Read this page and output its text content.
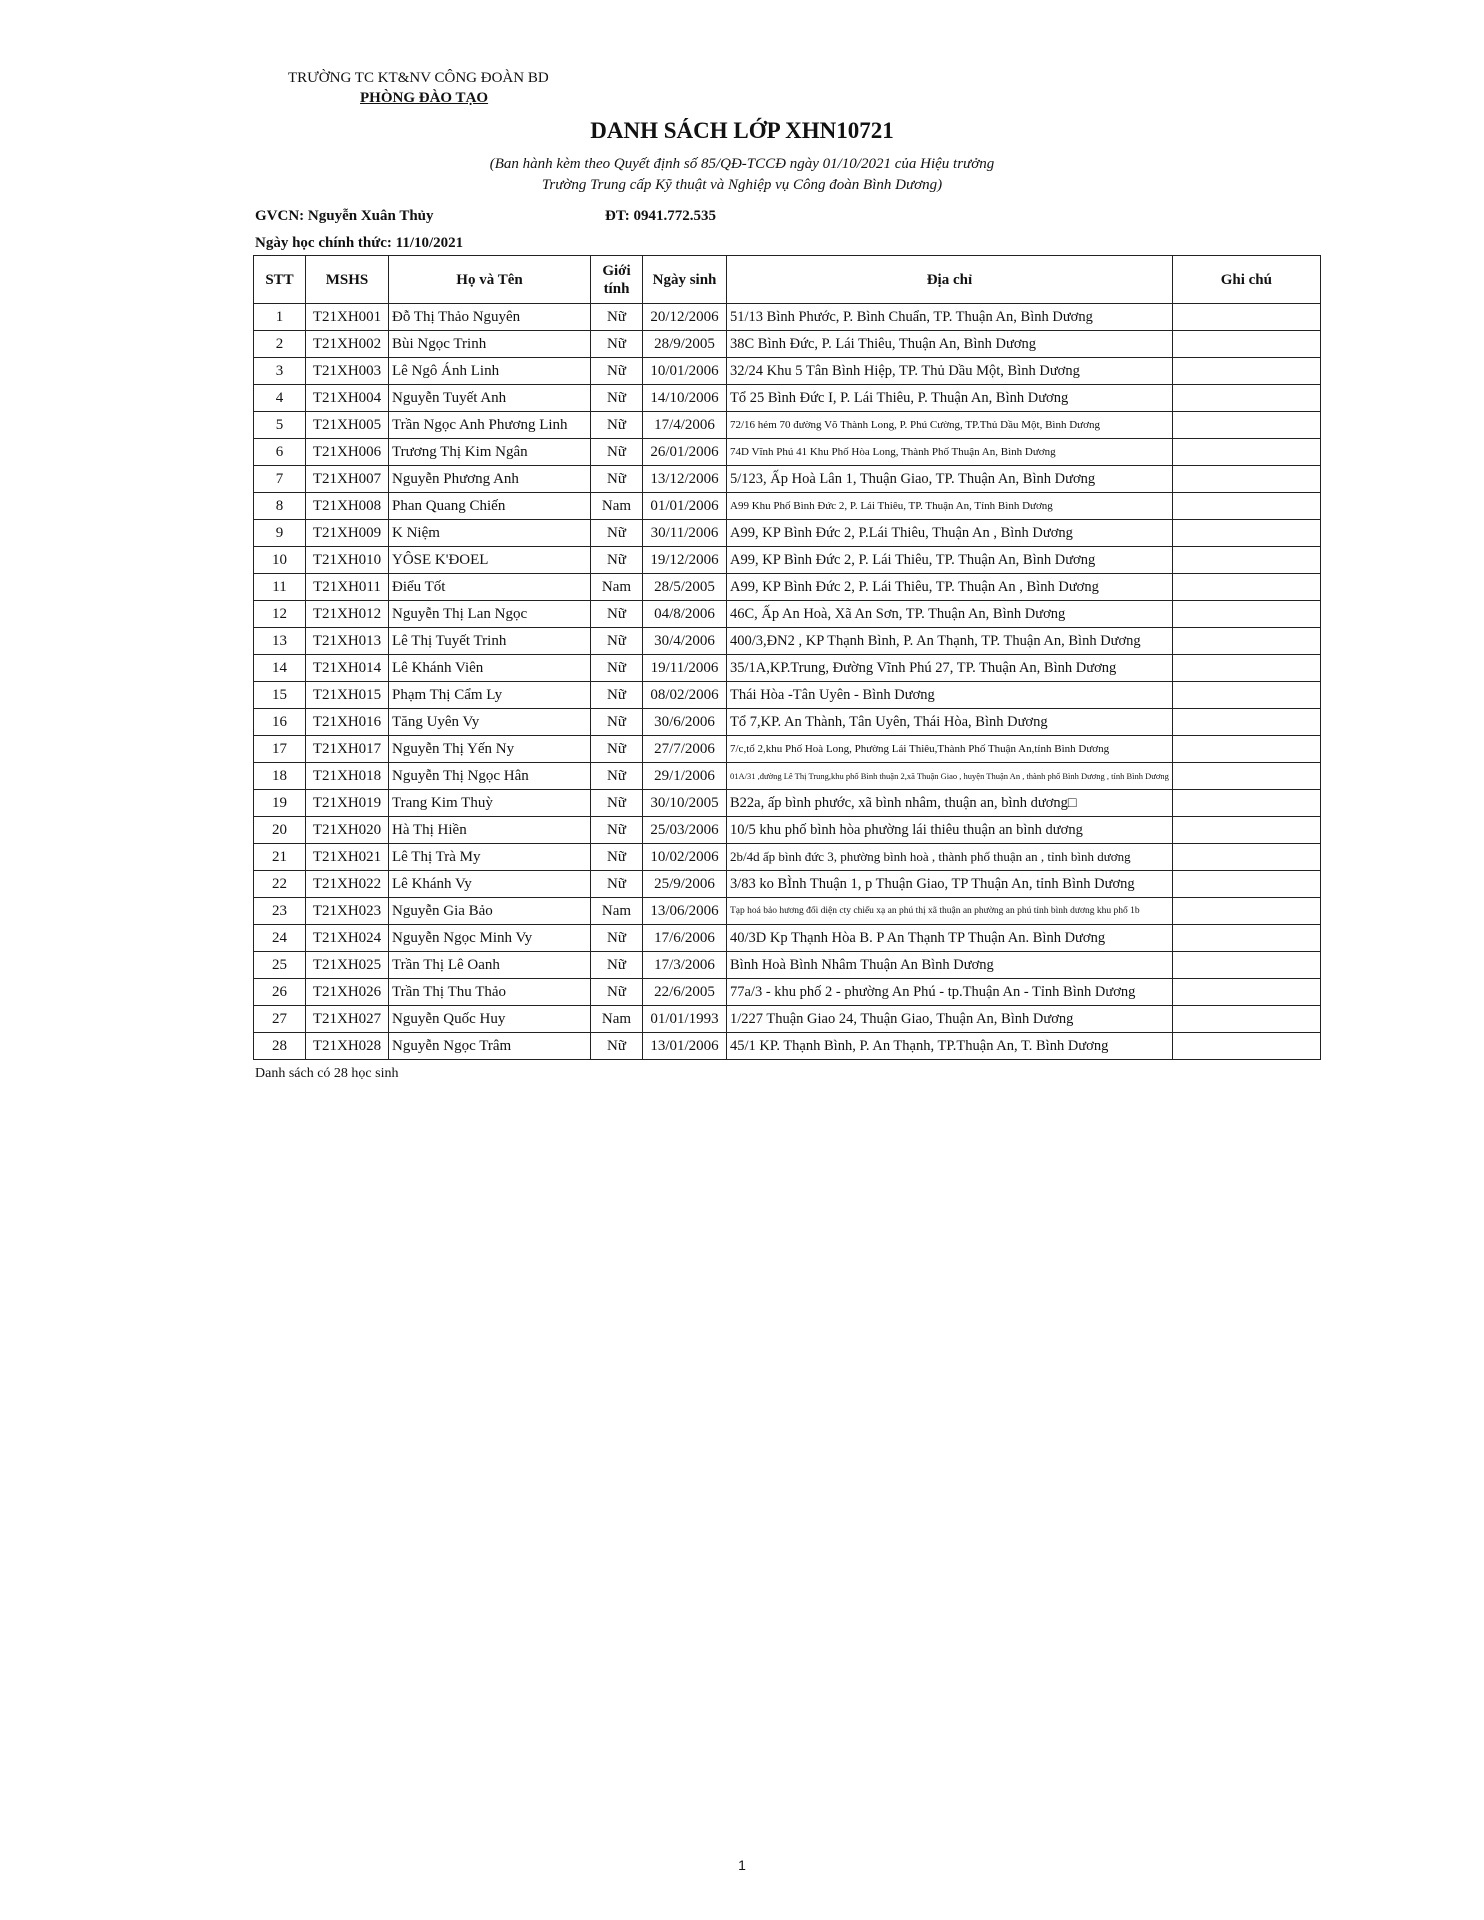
TRƯỜNG TC KT&NV CÔNG ĐOÀN BD
PHÒNG ĐÀO TẠO
DANH SÁCH LỚP XHN10721
(Ban hành kèm theo Quyết định số 85/QĐ-TCCĐ ngày 01/10/2021 của Hiệu trưởng
Trường Trung cấp Kỹ thuật và Nghiệp vụ Công đoàn Bình Dương)
GVCN: Nguyễn Xuân Thủy	ĐT: 0941.772.535
Ngày học chính thức: 11/10/2021
STT	MSHS	Họ và Tên	Giới tính	Ngày sinh	Địa chỉ	Ghi chú
1	T21XH001	Đỗ Thị Thảo Nguyên	Nữ	20/12/2006	51/13 Bình Phước, P. Bình Chuẩn, TP. Thuận An, Bình Dương	
2	T21XH002	Bùi Ngọc Trinh	Nữ	28/9/2005	38C Bình Đức, P. Lái Thiêu, Thuận An, Bình Dương	
3	T21XH003	Lê Ngô Ánh Linh	Nữ	10/01/2006	32/24 Khu 5 Tân Bình Hiệp, TP. Thủ Dầu Một, Bình Dương	
4	T21XH004	Nguyễn Tuyết Anh	Nữ	14/10/2006	Tổ 25 Bình Đức I, P. Lái Thiêu, P. Thuận An, Bình Dương	
5	T21XH005	Trần Ngọc Anh Phương Linh	Nữ	17/4/2006	72/16 hẻm 70 đường Võ Thành Long, P. Phú Cường, TP.Thủ Dầu Một, Bình Dương	
6	T21XH006	Trương Thị Kim Ngân	Nữ	26/01/2006	74D Vĩnh Phú 41 Khu Phố Hòa Long, Thành Phố Thuận An, Bình Dương	
7	T21XH007	Nguyễn Phương Anh	Nữ	13/12/2006	5/123, Ấp Hoà Lân 1, Thuận Giao, TP. Thuận An, Bình Dương	
8	T21XH008	Phan Quang Chiến	Nam	01/01/2006	A99 Khu Phố Bình Đức 2, P. Lái Thiêu, TP. Thuận An, Tỉnh Bình Dương	
9	T21XH009	K Niệm	Nữ	30/11/2006	A99, KP Bình Đức 2, P.Lái Thiêu, Thuận An , Bình Dương	
10	T21XH010	YÔSE K'ĐOEL	Nữ	19/12/2006	A99, KP Bình Đức 2, P. Lái Thiêu, TP. Thuận An, Bình Dương	
11	T21XH011	Điểu Tốt	Nam	28/5/2005	A99, KP Bình Đức 2, P. Lái Thiêu, TP. Thuận An , Bình Dương	
12	T21XH012	Nguyễn Thị Lan Ngọc	Nữ	04/8/2006	46C, Ấp An Hoà, Xã An Sơn, TP. Thuận An, Bình Dương	
13	T21XH013	Lê Thị Tuyết Trinh	Nữ	30/4/2006	400/3,ĐN2 , KP Thạnh Bình, P. An Thạnh, TP. Thuận An, Bình Dương	
14	T21XH014	Lê Khánh Viên	Nữ	19/11/2006	35/1A,KP.Trung, Đường Vĩnh Phú 27, TP. Thuận An, Bình Dương	
15	T21XH015	Phạm Thị Cẩm Ly	Nữ	08/02/2006	Thái Hòa -Tân Uyên - Bình Dương	
16	T21XH016	Tăng Uyên Vy	Nữ	30/6/2006	Tổ 7,KP. An Thành, Tân Uyên, Thái Hòa, Bình Dương	
17	T21XH017	Nguyễn Thị Yến Ny	Nữ	27/7/2006	7/c,tổ 2,khu Phố Hoà Long, Phường Lái Thiêu,Thành Phố Thuận An,tỉnh Bình Dương	
18	T21XH018	Nguyễn Thị Ngọc Hân	Nữ	29/1/2006	01A/31 ,đường Lê Thị Trung,khu phố Bình thuận 2,xã Thuận Giao , huyện Thuận An , thành phố Bình Dương , tỉnh Bình Dương	
19	T21XH019	Trang Kim Thuỳ	Nữ	30/10/2005	B22a, ấp bình phước, xã bình nhâm, thuận an, bình dương□	
20	T21XH020	Hà Thị Hiền	Nữ	25/03/2006	10/5 khu phố bình hòa phường lái thiêu thuận an bình dương	
21	T21XH021	Lê Thị Trà My	Nữ	10/02/2006	2b/4d ấp bình đức 3, phường bình hoà , thành phố thuận an , tỉnh bình dương	
22	T21XH022	Lê Khánh Vy	Nữ	25/9/2006	3/83 ko BÌnh Thuận 1, p Thuận Giao, TP Thuận An, tỉnh Bình Dương	
23	T21XH023	Nguyễn Gia Bảo	Nam	13/06/2006	Tạp hoá bảo hương đối diện cty chiếu xạ an phú thị xã thuận an phường an phú tỉnh bình dương khu phố 1b	
24	T21XH024	Nguyễn Ngọc Minh Vy	Nữ	17/6/2006	40/3D Kp Thạnh Hòa B. P An Thạnh TP Thuận An. Bình Dương	
25	T21XH025	Trần Thị Lê Oanh	Nữ	17/3/2006	Bình Hoà Bình Nhâm Thuận An Bình Dương	
26	T21XH026	Trần Thị Thu Thảo	Nữ	22/6/2005	77a/3 - khu phố 2 - phường An Phú - tp.Thuận An - Tỉnh Bình Dương	
27	T21XH027	Nguyễn Quốc Huy	Nam	01/01/1993	1/227 Thuận Giao 24, Thuận Giao, Thuận An, Bình Dương	
28	T21XH028	Nguyễn Ngọc Trâm	Nữ	13/01/2006	45/1 KP. Thạnh Bình, P. An Thạnh, TP.Thuận An, T. Bình Dương	
Danh sách có 28 học sinh
1
